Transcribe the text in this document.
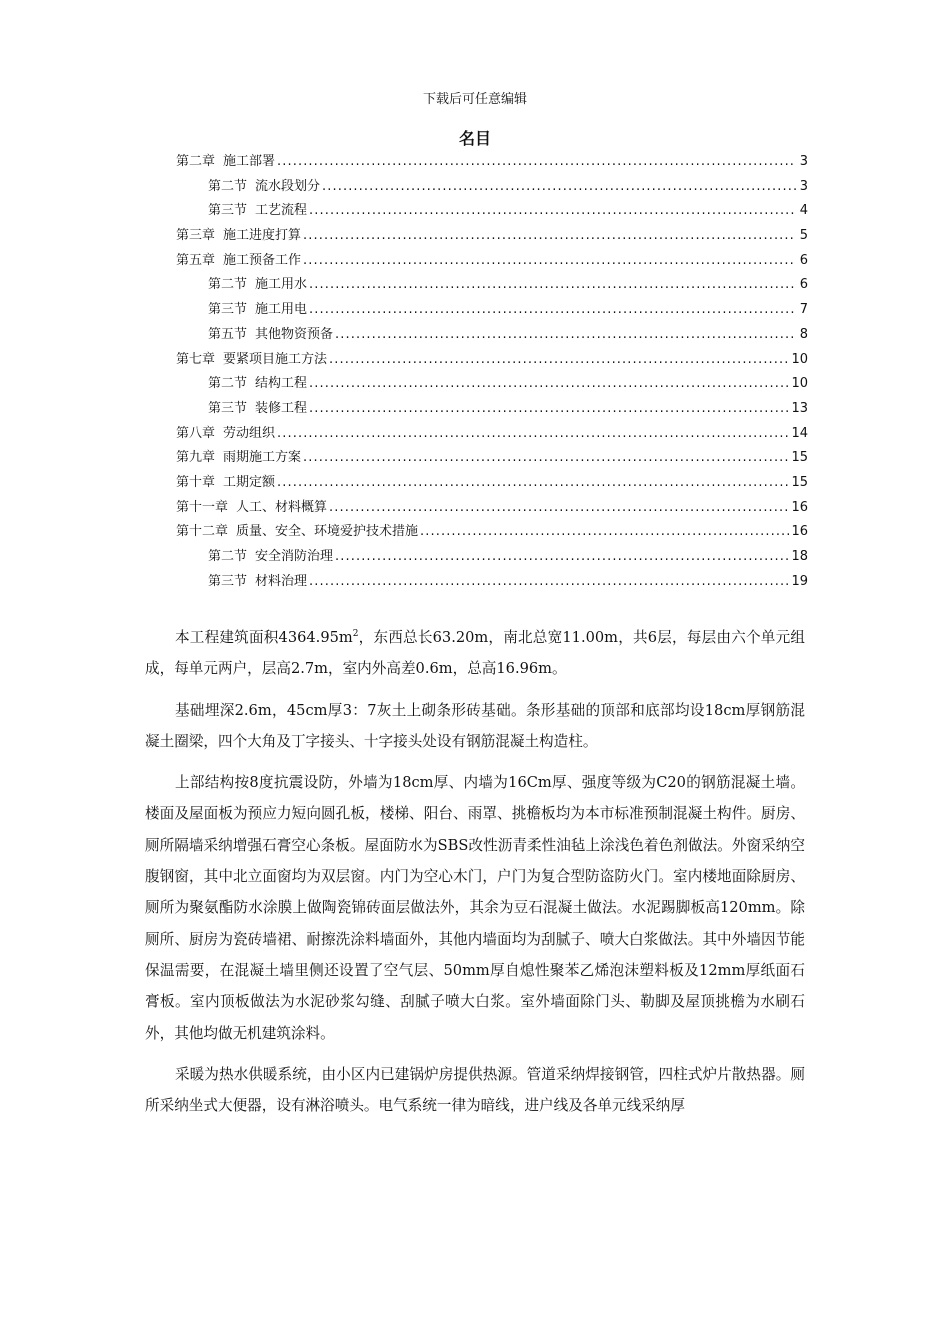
下载后可任意编辑
名目
第二章 施工部署 .....	3
第二节 流水段划分 .....	3
第三节 工艺流程 .....	4
第三章 施工进度打算 .....	5
第五章 施工预备工作 .....	6
第二节 施工用水 .....	6
第三节 施工用电 .....	7
第五节 其他物资预备 .....	8
第七章 要紧项目施工方法 .....	10
第二节 结构工程 .....	10
第三节 装修工程 .....	13
第八章 劳动组织 .....	14
第九章 雨期施工方案 .....	15
第十章 工期定额 .....	15
第十一章 人工、材料概算 .....	16
第十二章 质量、安全、环境爱护技术措施 .....	16
第二节 安全消防治理 .....	18
第三节 材料治理 .....	19

本工程建筑面积$4364.95m^2$，东西总长63.20m，南北总宽11.00m，共6层，每层由六个单元组成，每单元两户，层高2.7m，室内外高差0.6m，总高16.96m。

基础埋深2.6m，45cm厚3：7灰土上砌条形砖基础。条形基础的顶部和底部均设18cm厚钢筋混凝土圈梁，四个大角及丁字接头、十字接头处设有钢筋混凝土构造柱。

上部结构按8度抗震设防，外墙为18cm厚、内墙为16Cm厚、强度等级为C20的钢筋混凝土墙。楼面及屋面板为预应力短向圆孔板，楼梯、阳台、雨罩、挑檐板均为本市标准预制混凝土构件。厨房、厕所隔墙采纳增强石膏空心条板。屋面防水为SBS改性沥青柔性油毡上涂浅色着色剂做法。外窗采纳空腹钢窗，其中北立面窗均为双层窗。内门为空心木门，户门为复合型防盗防火门。室内楼地面除厨房、厕所为聚氨酯防水涂膜上做陶瓷锦砖面层做法外，其余为豆石混凝土做法。水泥踢脚板高120mm。除厕所、厨房为瓷砖墙裙、耐擦洗涂料墙面外，其他内墙面均为刮腻子、喷大白浆做法。其中外墙因节能保温需要，在混凝土墙里侧还设置了空气层、50mm厚自熄性聚苯乙烯泡沫塑料板及12mm厚纸面石膏板。室内顶板做法为水泥砂浆勾缝、刮腻子喷大白浆。室外墙面除门头、勒脚及屋顶挑檐为水刷石外，其他均做无机建筑涂料。

采暖为热水供暖系统，由小区内已建锅炉房提供热源。管道采纳焊接钢管，四柱式炉片散热器。厕所采纳坐式大便器，设有淋浴喷头。电气系统一律为暗线，进户线及各单元线采纳厚
